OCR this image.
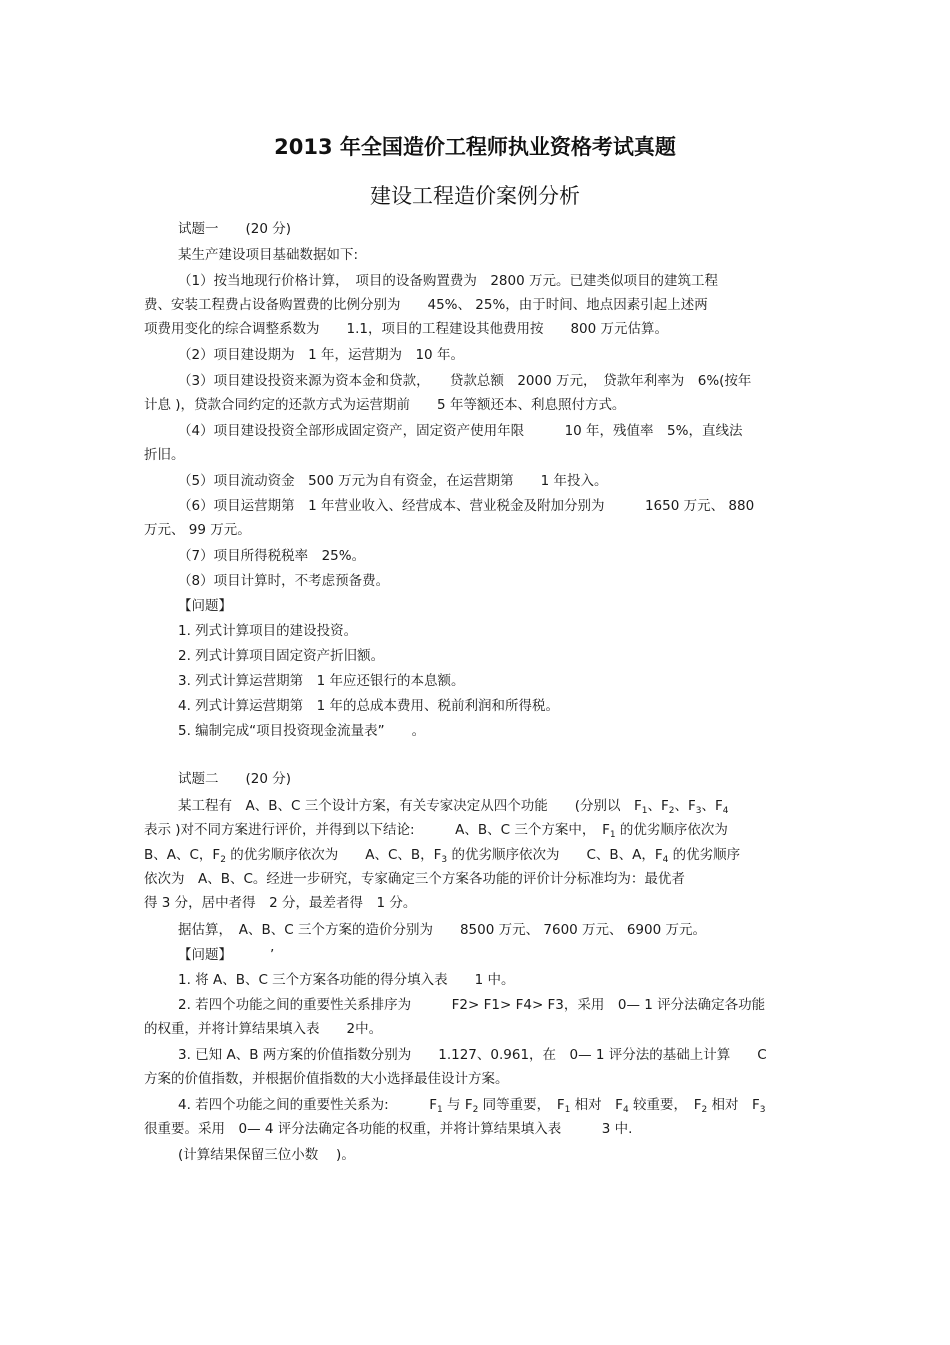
2013 年全国造价工程师执业资格考试真题
建设工程造价案例分析
试题一　　(20 分)
某生产建设项目基础数据如下:
（1）按当地现行价格计算，　项目的设备购置费为　2800 万元。已建类似项目的建筑工程
费、安装工程费占设备购置费的比例分别为　　45%、 25%，由于时间、地点因素引起上述两
项费用变化的综合调整系数为　　1.1，项目的工程建设其他费用按　　800 万元估算。
（2）项目建设期为　1 年，运营期为　10 年。
（3）项目建设投资来源为资本金和贷款，　　贷款总额　2000 万元，　贷款年利率为　6%(按年
计息 )，贷款合同约定的还款方式为运营期前　　5 年等额还本、利息照付方式。
（4）项目建设投资全部形成固定资产，固定资产使用年限　　　10 年，残值率　5%，直线法
折旧。
（5）项目流动资金　500 万元为自有资金，在运营期第　　1 年投入。
（6）项目运营期第　1 年营业收入、经营成本、营业税金及附加分别为　　　1650 万元、 880
万元、 99 万元。
（7）项目所得税税率　25%。
（8）项目计算时，不考虑预备费。
【问题】
1. 列式计算项目的建设投资。
2. 列式计算项目固定资产折旧额。
3. 列式计算运营期第　1 年应还银行的本息额。
4. 列式计算运营期第　1 年的总成本费用、税前利润和所得税。
5. 编制完成“项目投资现金流量表”　　。
试题二　　(20 分)
某工程有　A、B、C 三个设计方案，有关专家决定从四个功能　　(分别以　$F_1$、$F_2$、$F_3$、$F_4$
表示 )对不同方案进行评价，并得到以下结论:　　　A、B、C 三个方案中，　$F_1$ 的优劣顺序依次为
B、A、C，$F_2$ 的优劣顺序依次为　　A、C、B，$F_3$ 的优劣顺序依次为　　C、B、A，$F_4$ 的优劣顺序
依次为　A、B、C。经进一步研究，专家确定三个方案各功能的评价计分标准均为：最优者
得 3 分，居中者得　2 分，最差者得　1 分。
据估算，　A、B、C 三个方案的造价分别为　　8500 万元、 7600 万元、 6900 万元。
【问题】　　　 ’
1. 将 A、B、C 三个方案各功能的得分填入表　　1 中。
2. 若四个功能之间的重要性关系排序为　　　F2> F1> F4> F3，采用　0— 1 评分法确定各功能
的权重，并将计算结果填入表　　2中。
3. 已知 A、B 两方案的价值指数分别为　　1.127、0.961，在　0— 1 评分法的基础上计算　　C
方案的价值指数，并根据价值指数的大小选择最佳设计方案。
4. 若四个功能之间的重要性关系为:　　　$F_1$ 与 $F_2$ 同等重要，　$F_1$ 相对　$F_4$ 较重要，　$F_2$ 相对　$F_3$
很重要。采用　0— 4 评分法确定各功能的权重，并将计算结果填入表　　　3 中.
(计算结果保留三位小数　 )。
